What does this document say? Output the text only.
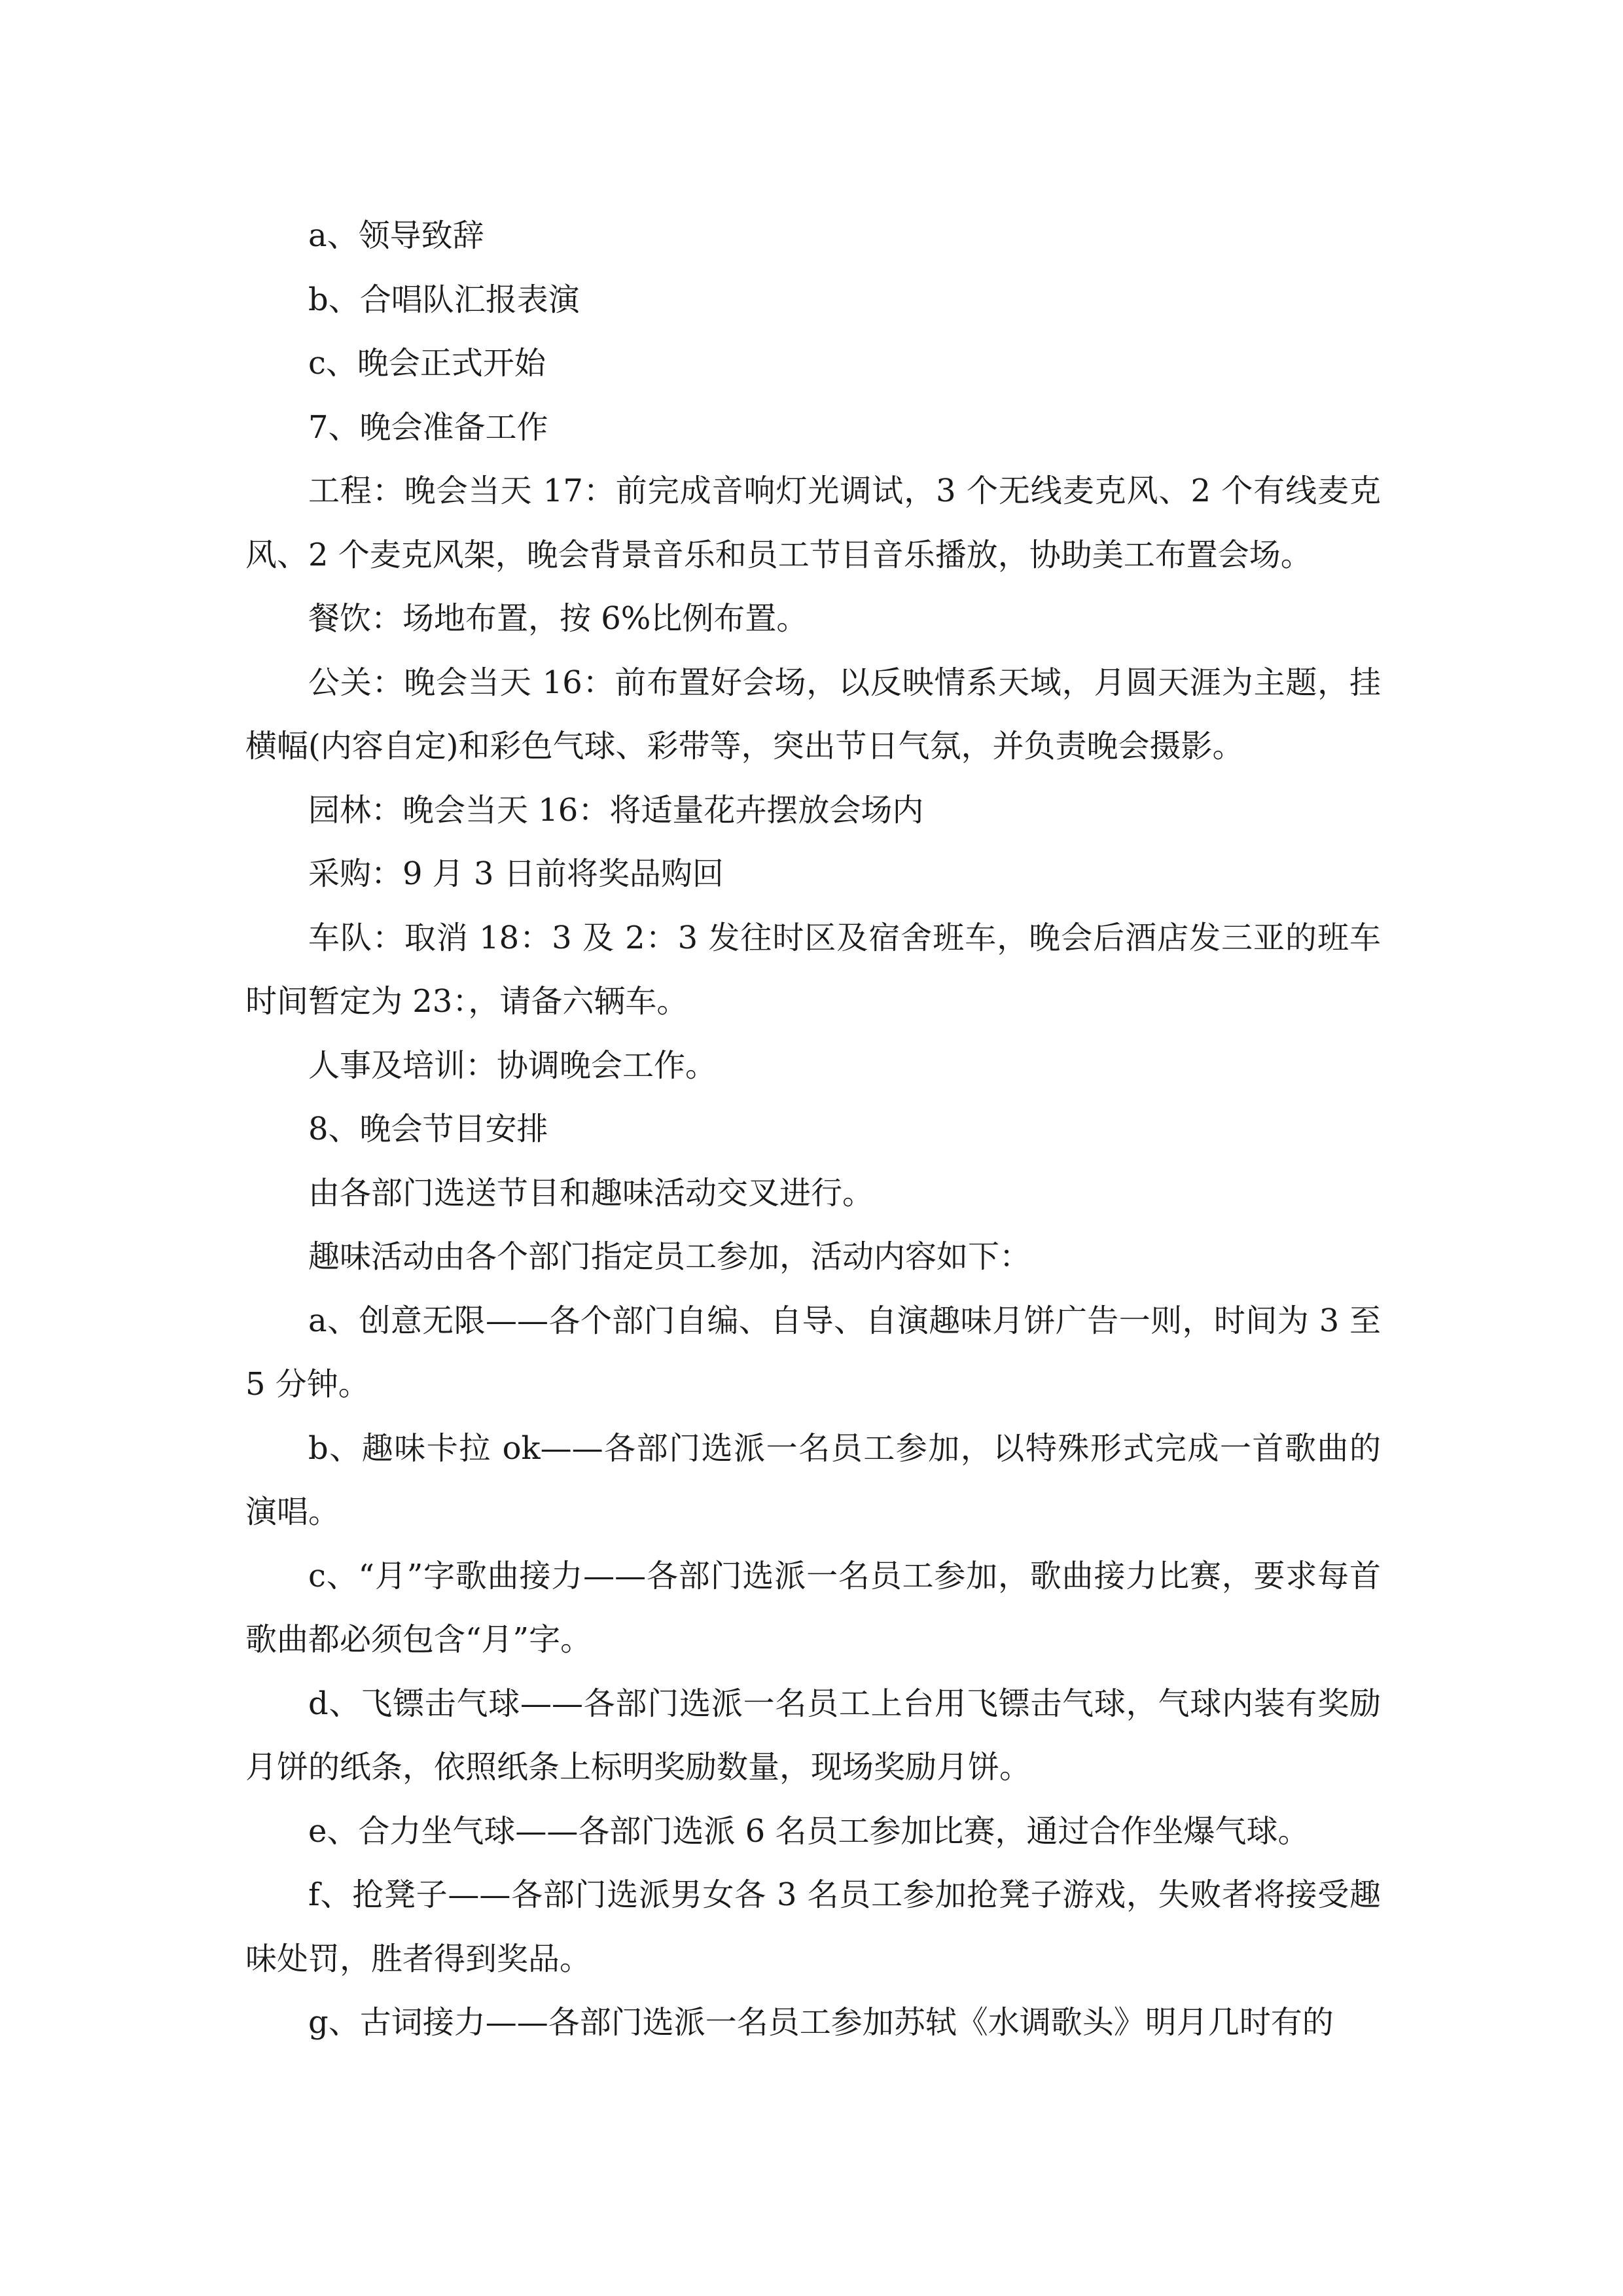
a、领导致辞

b、合唱队汇报表演

c、晚会正式开始

7、晚会准备工作

工程：晚会当天 17：前完成音响灯光调试，3 个无线麦克风、2 个有线麦克风、2 个麦克风架，晚会背景音乐和员工节目音乐播放，协助美工布置会场。

餐饮：场地布置，按 6%比例布置。

公关：晚会当天 16：前布置好会场，以反映情系天域，月圆天涯为主题，挂横幅(内容自定)和彩色气球、彩带等，突出节日气氛，并负责晚会摄影。

园林：晚会当天 16：将适量花卉摆放会场内

采购：9 月 3 日前将奖品购回

车队：取消 18：3 及 2：3 发往时区及宿舍班车，晚会后酒店发三亚的班车时间暂定为 23：，请备六辆车。

人事及培训：协调晚会工作。

8、晚会节目安排

由各部门选送节目和趣味活动交叉进行。

趣味活动由各个部门指定员工参加，活动内容如下：

a、创意无限——各个部门自编、自导、自演趣味月饼广告一则，时间为 3 至 5 分钟。

b、趣味卡拉 ok——各部门选派一名员工参加，以特殊形式完成一首歌曲的演唱。

c、“月”字歌曲接力——各部门选派一名员工参加，歌曲接力比赛，要求每首歌曲都必须包含“月”字。

d、飞镖击气球——各部门选派一名员工上台用飞镖击气球，气球内装有奖励月饼的纸条，依照纸条上标明奖励数量，现场奖励月饼。

e、合力坐气球——各部门选派 6 名员工参加比赛，通过合作坐爆气球。

f、抢凳子——各部门选派男女各 3 名员工参加抢凳子游戏，失败者将接受趣味处罚，胜者得到奖品。

g、古词接力——各部门选派一名员工参加苏轼《水调歌头》明月几时有的
